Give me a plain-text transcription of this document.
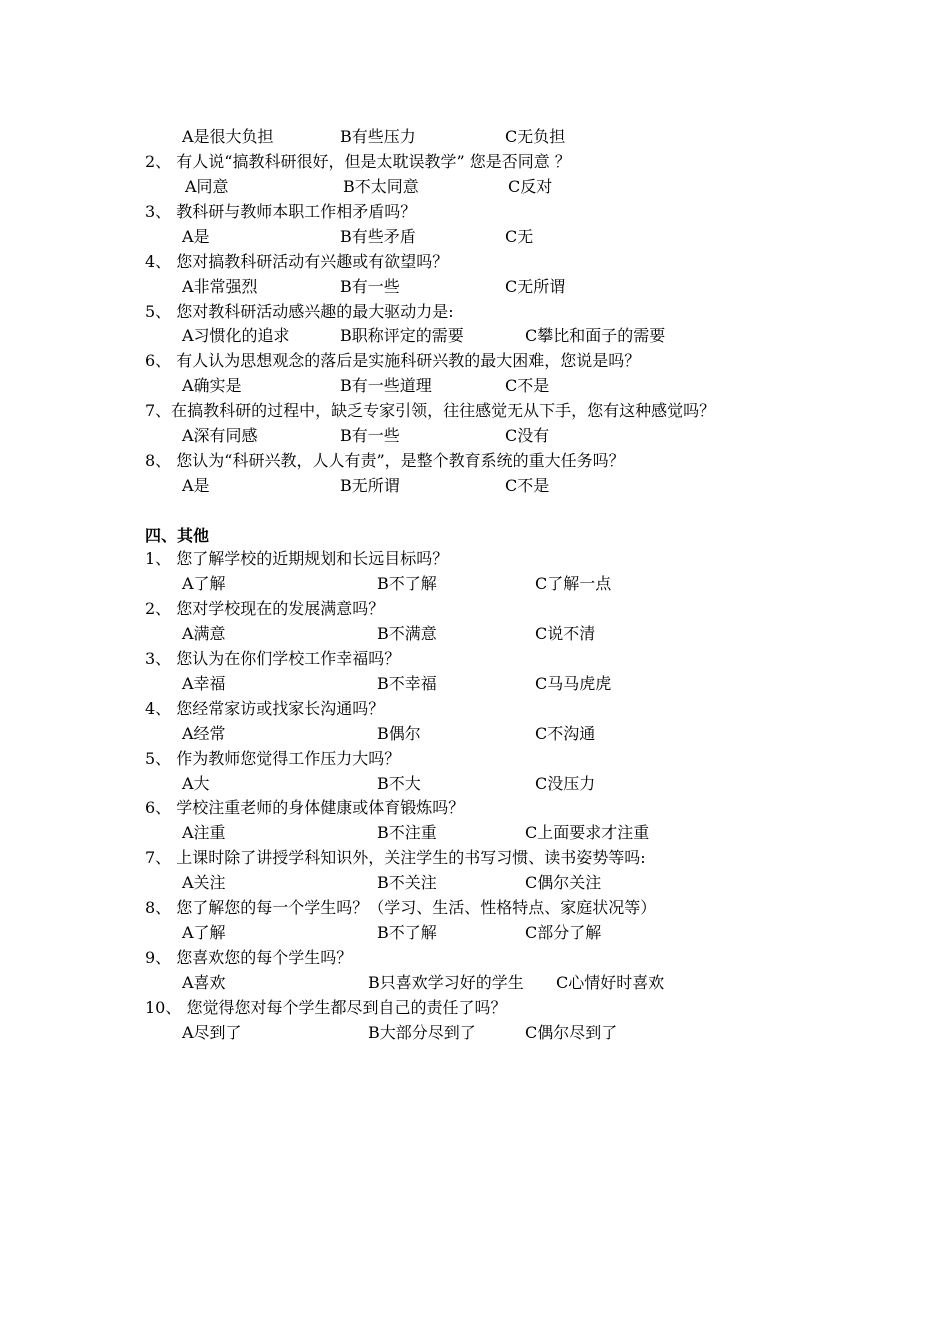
A是很大负担	B有些压力	C无负担
2、 有人说“搞教科研很好，但是太耽误教学” 您是否同意 ？
A同意	B不太同意	C反对
3、 教科研与教师本职工作相矛盾吗？
A是	B有些矛盾	C无
4、 您对搞教科研活动有兴趣或有欲望吗？
A非常强烈	B有一些	C无所谓
5、 您对教科研活动感兴趣的最大驱动力是:
A习惯化的追求	B职称评定的需要	C攀比和面子的需要
6、 有人认为思想观念的落后是实施科研兴教的最大困难，您说是吗？
A确实是	B有一些道理	C不是
7、在搞教科研的过程中，缺乏专家引领，往往感觉无从下手，您有这种感觉吗？
A深有同感	B有一些	C没有
8、 您认为“科研兴教，人人有责”，是整个教育系统的重大任务吗？
A是	B无所谓	C不是
四、其他
1、 您了解学校的近期规划和长远目标吗？
A了解	B不了解	C了解一点
2、 您对学校现在的发展满意吗？
A满意	B不满意	C说不清
3、 您认为在你们学校工作幸福吗？
A幸福	B不幸福	C马马虎虎
4、 您经常家访或找家长沟通吗？
A经常	B偶尔	C不沟通
5、 作为教师您觉得工作压力大吗？
A大	B不大	C没压力
6、 学校注重老师的身体健康或体育锻炼吗？
A注重	B不注重	C上面要求才注重
7、 上课时除了讲授学科知识外，关注学生的书写习惯、读书姿势等吗:
A关注	B不关注	C偶尔关注
8、 您了解您的每一个学生吗？（学习、生活、性格特点、家庭状况等）
A了解	B不了解	C部分了解
9、 您喜欢您的每个学生吗？
A喜欢	B只喜欢学习好的学生 C心情好时喜欢
10、 您觉得您对每个学生都尽到自己的责任了吗？
A尽到了	B大部分尽到了	C偶尔尽到了
